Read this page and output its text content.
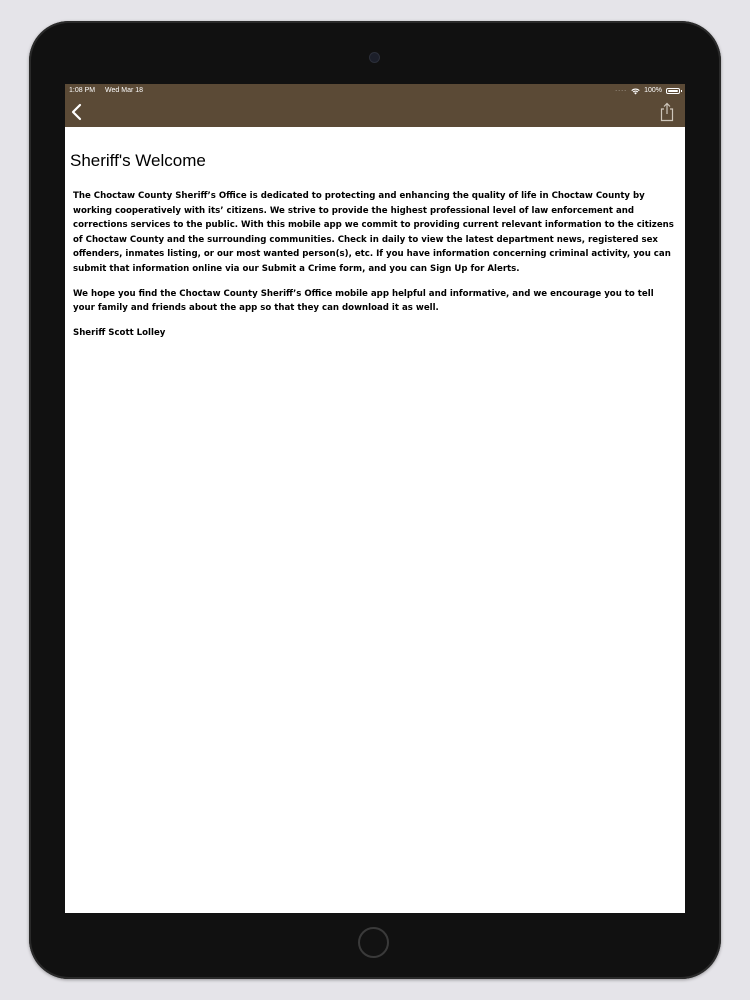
1:08 PM Wed Mar 18	···· 100%
Sheriff's Welcome

The Choctaw County Sheriff’s Office is dedicated to protecting and enhancing the quality of life in Choctaw County by working cooperatively with its’ citizens. We strive to provide the highest professional level of law enforcement and corrections services to the public. With this mobile app we commit to providing current relevant information to the citizens of Choctaw County and the surrounding communities. Check in daily to view the latest department news, registered sex offenders, inmates listing, or our most wanted person(s), etc. If you have information concerning criminal activity, you can submit that information online via our Submit a Crime form, and you can Sign Up for Alerts.

We hope you find the Choctaw County Sheriff’s Office mobile app helpful and informative, and we encourage you to tell your family and friends about the app so that they can download it as well.

Sheriff Scott Lolley
